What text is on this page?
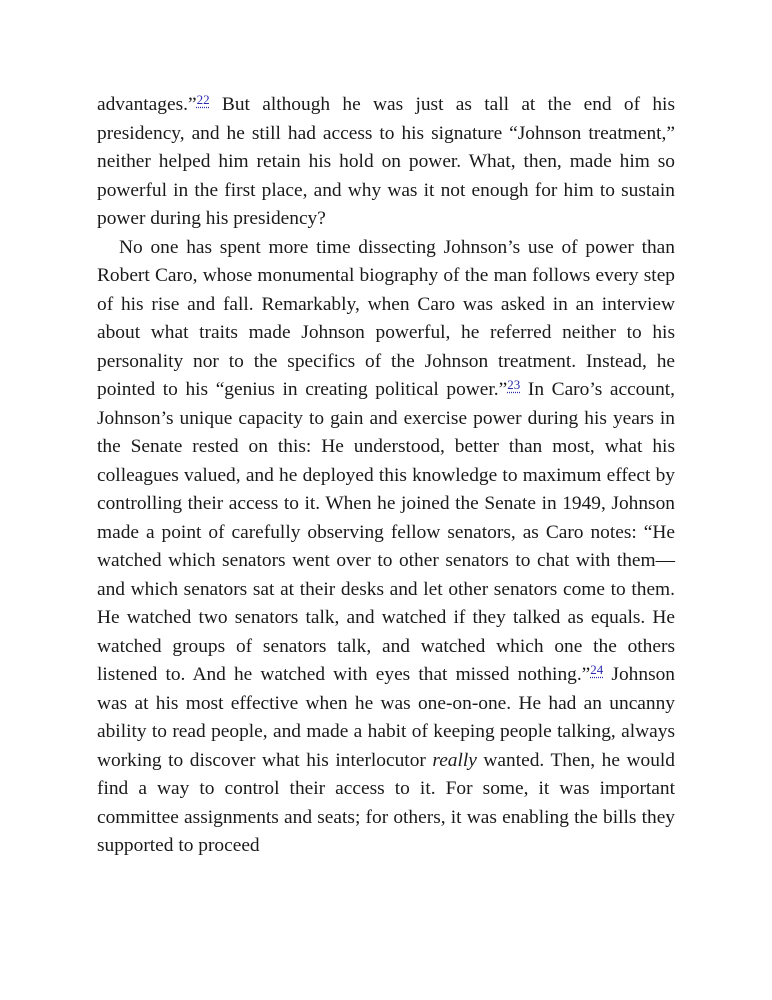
advantages.”$^{22}$ But although he was just as tall at the end of his presidency, and he still had access to his signature “Johnson treatment,” neither helped him retain his hold on power. What, then, made him so powerful in the first place, and why was it not enough for him to sustain power during his presidency?

No one has spent more time dissecting Johnson’s use of power than Robert Caro, whose monumental biography of the man follows every step of his rise and fall. Remarkably, when Caro was asked in an interview about what traits made Johnson powerful, he referred neither to his personality nor to the specifics of the Johnson treatment. Instead, he pointed to his “genius in creating political power.”$^{23}$ In Caro’s account, Johnson’s unique capacity to gain and exercise power during his years in the Senate rested on this: He understood, better than most, what his colleagues valued, and he deployed this knowledge to maximum effect by controlling their access to it. When he joined the Senate in 1949, Johnson made a point of carefully observing fellow senators, as Caro notes: “He watched which senators went over to other senators to chat with them—and which senators sat at their desks and let other senators come to them. He watched two senators talk, and watched if they talked as equals. He watched groups of senators talk, and watched which one the others listened to. And he watched with eyes that missed nothing.”$^{24}$ Johnson was at his most effective when he was one-on-one. He had an uncanny ability to read people, and made a habit of keeping people talking, always working to discover what his interlocutor really wanted. Then, he would find a way to control their access to it. For some, it was important committee assignments and seats; for others, it was enabling the bills they supported to proceed
